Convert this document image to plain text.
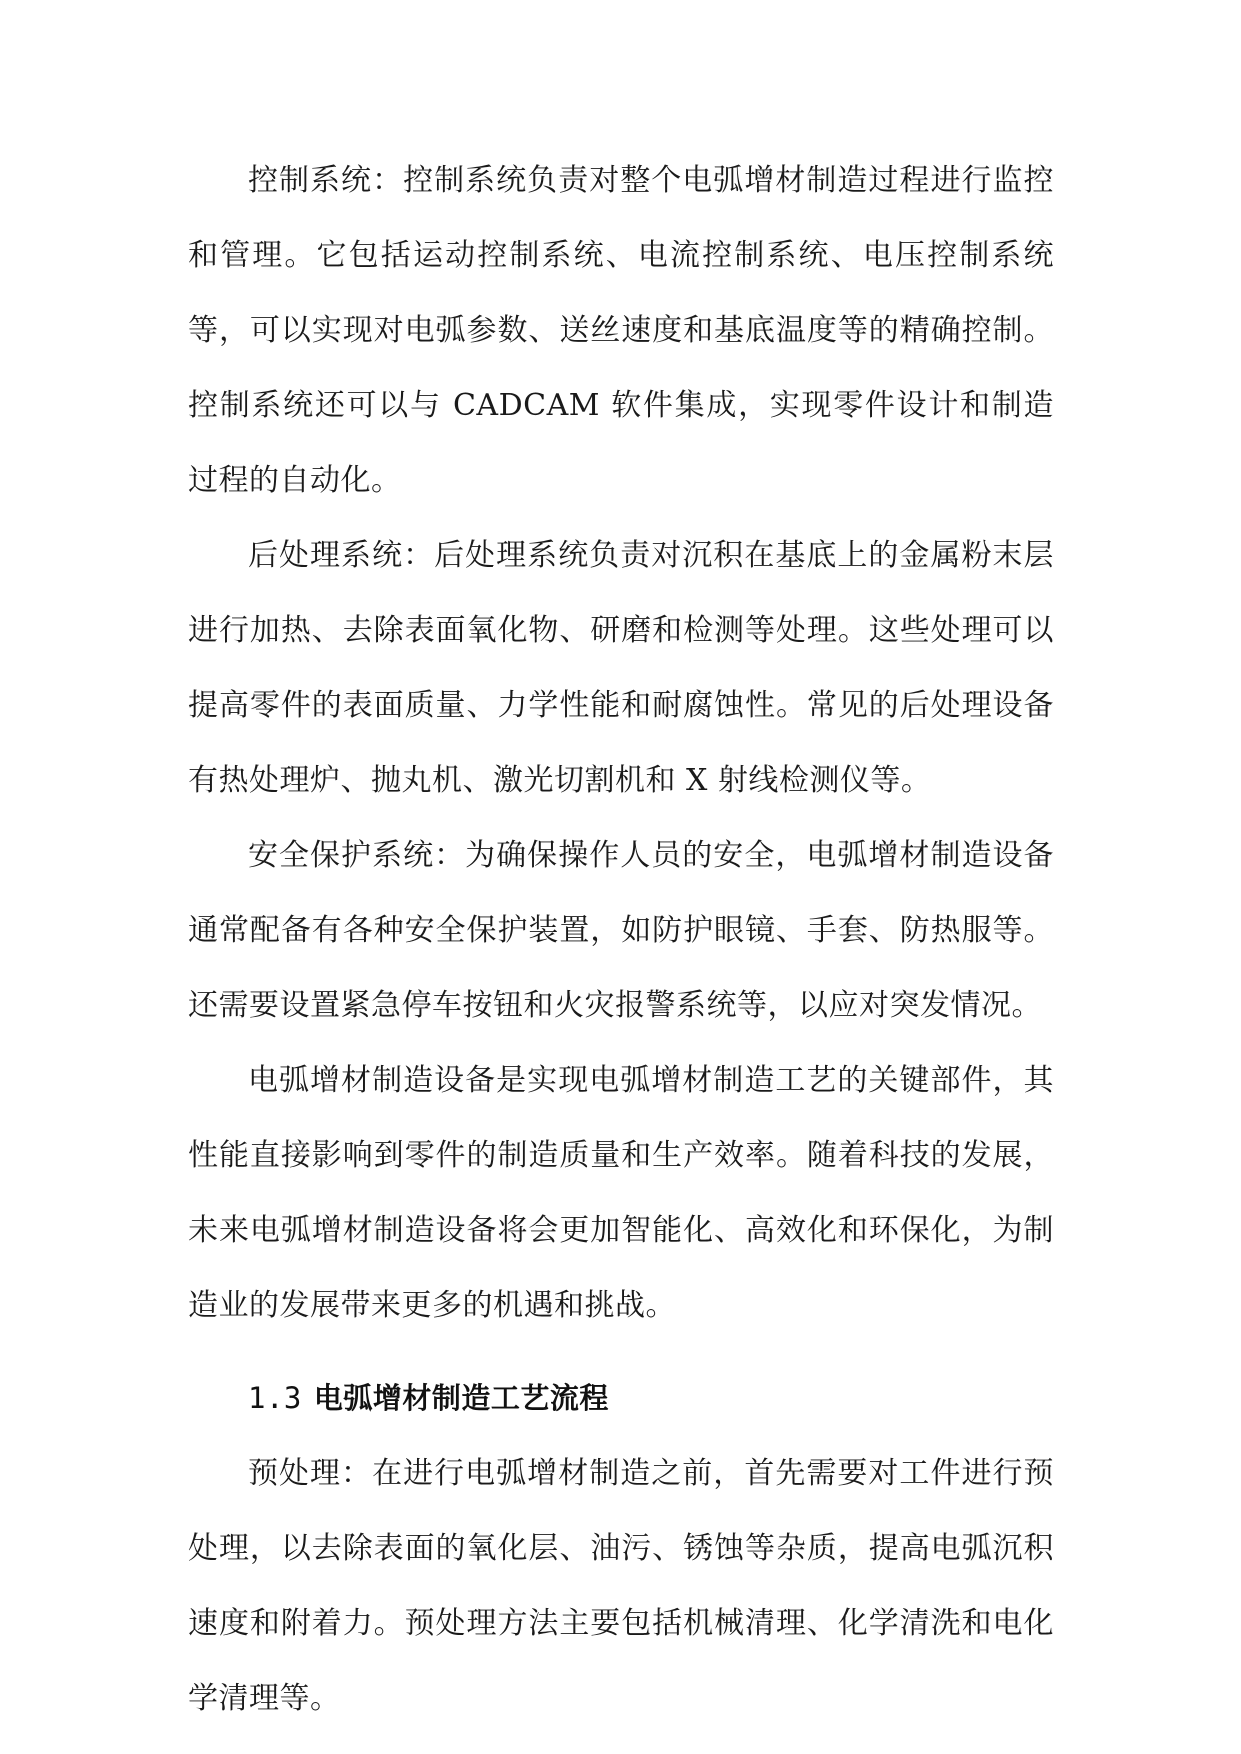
控制系统：控制系统负责对整个电弧增材制造过程进行监控和管理。它包括运动控制系统、电流控制系统、电压控制系统等，可以实现对电弧参数、送丝速度和基底温度等的精确控制。控制系统还可以与 CADCAM 软件集成，实现零件设计和制造过程的自动化。

后处理系统：后处理系统负责对沉积在基底上的金属粉末层进行加热、去除表面氧化物、研磨和检测等处理。这些处理可以提高零件的表面质量、力学性能和耐腐蚀性。常见的后处理设备有热处理炉、抛丸机、激光切割机和 X 射线检测仪等。

安全保护系统：为确保操作人员的安全，电弧增材制造设备通常配备有各种安全保护装置，如防护眼镜、手套、防热服等。还需要设置紧急停车按钮和火灾报警系统等，以应对突发情况。

电弧增材制造设备是实现电弧增材制造工艺的关键部件，其性能直接影响到零件的制造质量和生产效率。随着科技的发展，未来电弧增材制造设备将会更加智能化、高效化和环保化，为制造业的发展带来更多的机遇和挑战。

1.3 电弧增材制造工艺流程

预处理：在进行电弧增材制造之前，首先需要对工件进行预处理，以去除表面的氧化层、油污、锈蚀等杂质，提高电弧沉积速度和附着力。预处理方法主要包括机械清理、化学清洗和电化学清理等。
